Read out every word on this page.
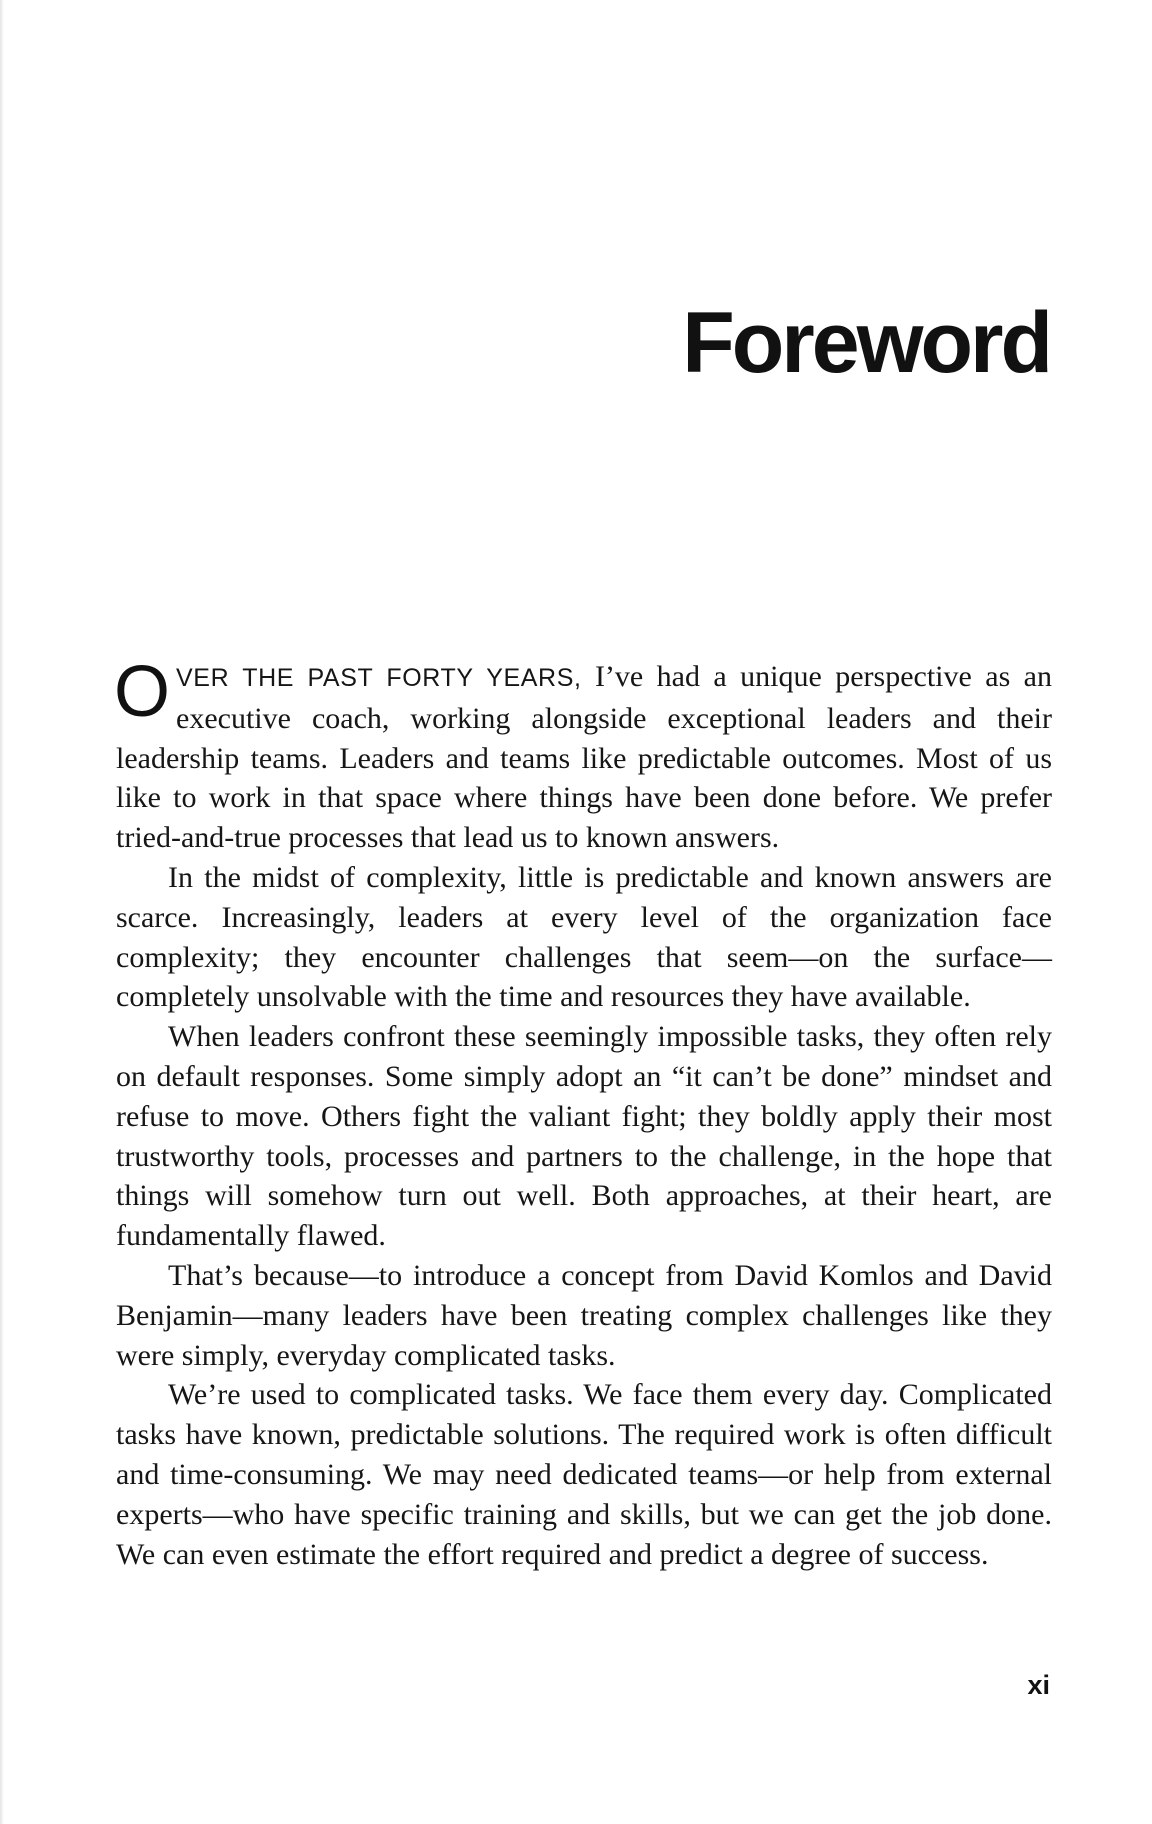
Foreword

OVER THE PAST FORTY YEARS, I’ve had a unique perspective as an executive coach, working alongside exceptional leaders and their leadership teams. Leaders and teams like predictable outcomes. Most of us like to work in that space where things have been done before. We prefer tried-and-true processes that lead us to known answers.

In the midst of complexity, little is predictable and known answers are scarce. Increasingly, leaders at every level of the organization face complexity; they encounter challenges that seem—on the surface—completely unsolvable with the time and resources they have available.

When leaders confront these seemingly impossible tasks, they often rely on default responses. Some simply adopt an “it can’t be done” mindset and refuse to move. Others fight the valiant fight; they boldly apply their most trustworthy tools, processes and partners to the challenge, in the hope that things will somehow turn out well. Both approaches, at their heart, are fundamentally flawed.

That’s because—to introduce a concept from David Komlos and David Benjamin—many leaders have been treating complex challenges like they were simply, everyday complicated tasks.

We’re used to complicated tasks. We face them every day. Complicated tasks have known, predictable solutions. The required work is often difficult and time-consuming. We may need dedicated teams—or help from external experts—who have specific training and skills, but we can get the job done. We can even estimate the effort required and predict a degree of success.

xi
